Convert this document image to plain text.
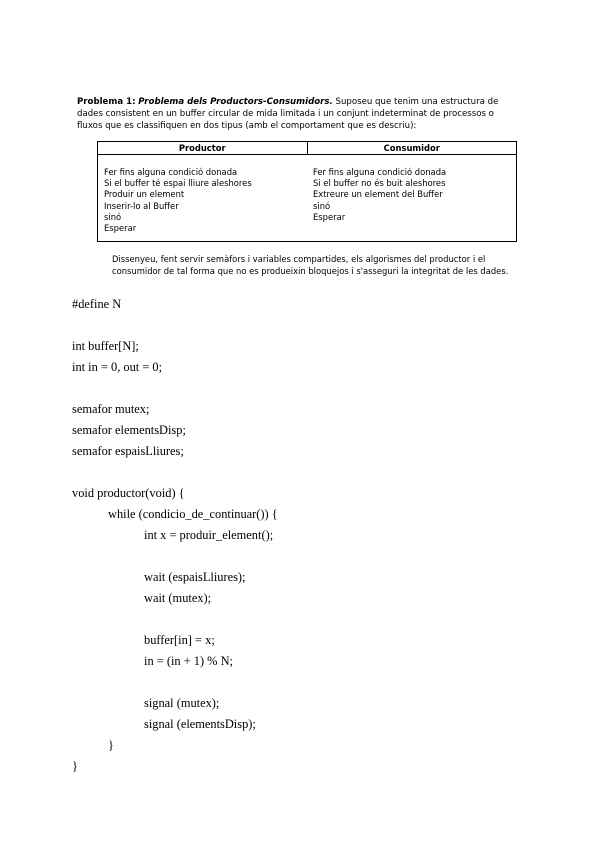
Problema 1: Problema dels Productors-Consumidors. Suposeu que tenim una estructura de dades consistent en un buffer circular de mida limitada i un conjunt indeterminat de processos o fluxos que es classifiquen en dos tipus (amb el comportament que es descriu):
Productor	Consumidor
Fer fins alguna condició donada
Si el buffer té espai lliure aleshores
Produir un element
Inserir-lo al Buffer
sinó
Esperar
Fer fins alguna condició donada
Si el buffer no és buit aleshores
Extreure un element del Buffer
sinó
Esperar
Dissenyeu, fent servir semàfors i variables compartides, els algorismes del productor i el consumidor de tal forma que no es produeixin bloquejos i s'asseguri la integritat de les dades.
#define N
int buffer[N];
int in = 0, out = 0;
semafor mutex;
semafor elementsDisp;
semafor espaisLliures;
void productor(void) {
while (condicio_de_continuar()) {
int x = produir_element();
wait (espaisLliures);
wait (mutex);
buffer[in] = x;
in = (in + 1) % N;
signal (mutex);
signal (elementsDisp);
}
}
